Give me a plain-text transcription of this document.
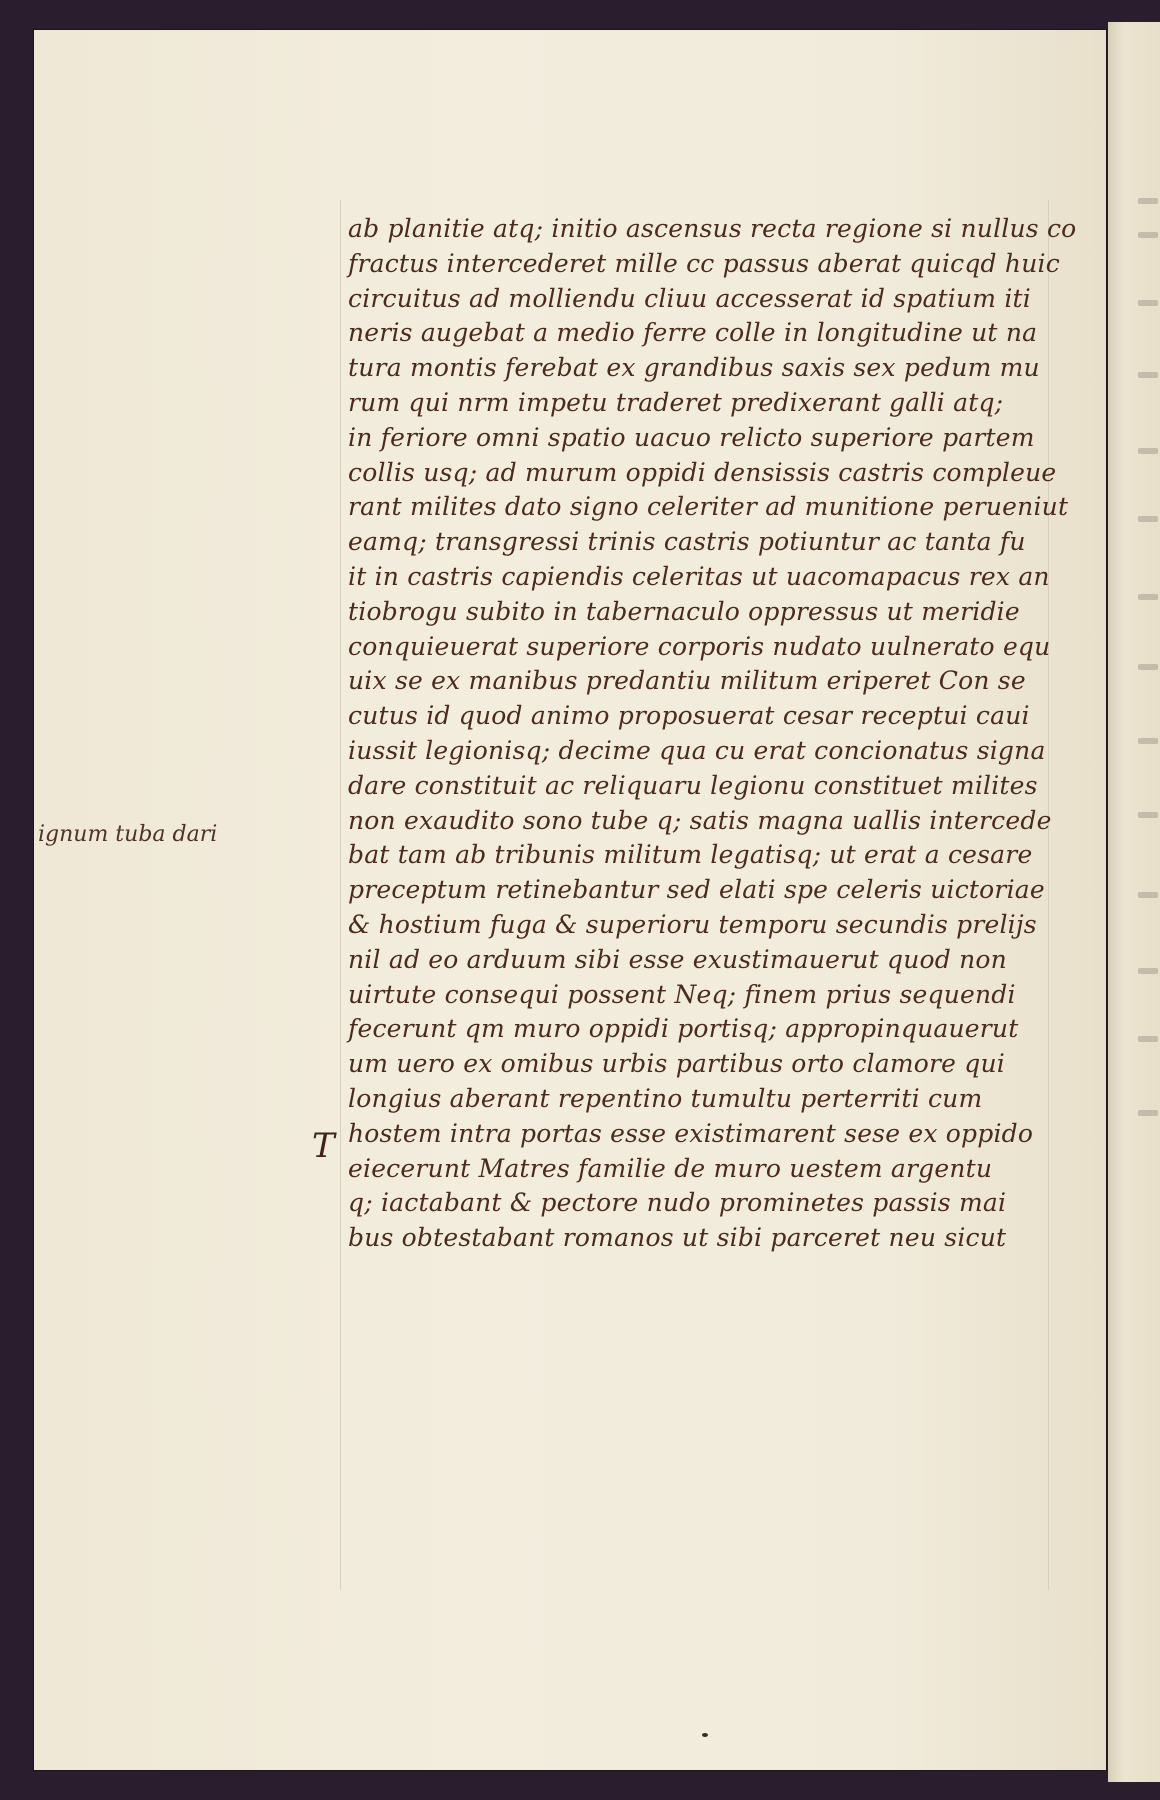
ignum tuba dari
T
ab planitie atq; initio ascensus recta regione si nullus co
fractus intercederet mille cc passus aberat quicqd huic
circuitus ad molliendu cliuu accesserat id spatium iti
neris augebat a medio ferre colle in longitudine ut na
tura montis ferebat ex grandibus saxis sex pedum mu
rum qui nrm impetu traderet predixerant galli atq;
in feriore omni spatio uacuo relicto superiore partem
collis usq; ad murum oppidi densissis castris compleue
rant milites dato signo celeriter ad munitione perueniut
eamq; transgressi trinis castris potiuntur ac tanta fu
it in castris capiendis celeritas ut uacomapacus rex an
tiobrogu subito in tabernaculo oppressus ut meridie
conquieuerat superiore corporis nudato uulnerato equ
uix se ex manibus predantiu militum eriperet Con se
cutus id quod animo proposuerat cesar receptui caui
iussit legionisq; decime qua cu erat concionatus signa
dare constituit ac reliquaru legionu constituet milites
non exaudito sono tube q; satis magna uallis intercede
bat tam ab tribunis militum legatisq; ut erat a cesare
preceptum retinebantur sed elati spe celeris uictoriae
& hostium fuga & superioru temporu secundis prelijs
nil ad eo arduum sibi esse exustimauerut quod non
uirtute consequi possent Neq; finem prius sequendi
fecerunt qm muro oppidi portisq; appropinquauerut
um uero ex omibus urbis partibus orto clamore qui
longius aberant repentino tumultu perterriti cum
hostem intra portas esse existimarent sese ex oppido
eiecerunt Matres familie de muro uestem argentu
q; iactabant & pectore nudo prominetes passis mai
bus obtestabant romanos ut sibi parceret neu sicut
